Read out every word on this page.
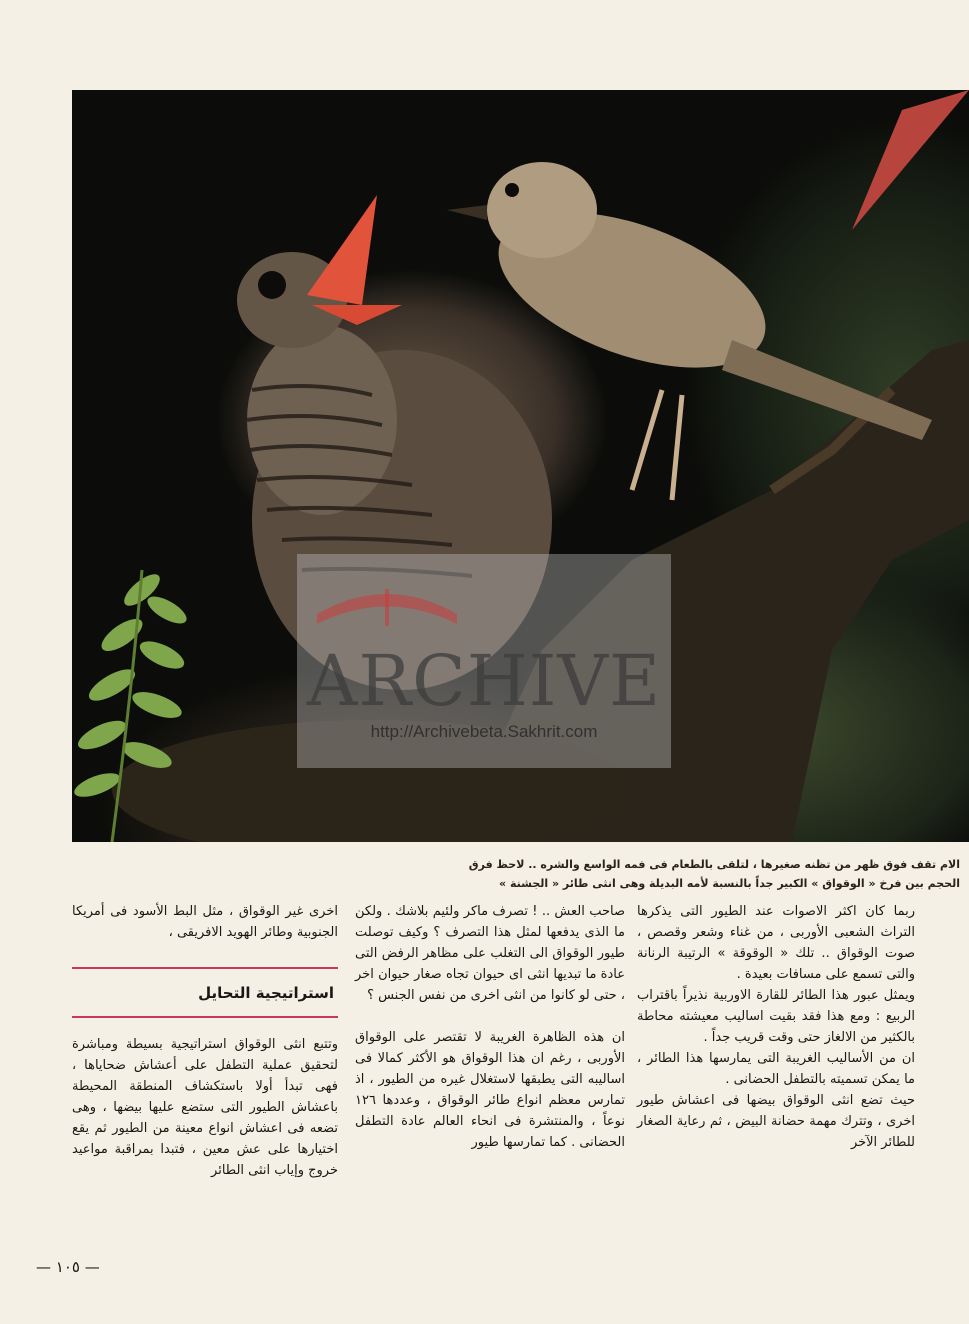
ARCHIVE
http://Archivebeta.Sakhrit.com
الام تقف فوق ظهر من تظنه صغيرها ، لتلقى بالطعام فى فمه الواسع والشره .. لاحظ فرق
الحجم بين فرخ « الوقواق » الكبير جداً بالنسبة لأمه البديلة وهى انثى طائر « الجشنة »

ربما كان اكثر الاصوات عند الطيور التى يذكرها التراث الشعبى الأوربى ، من غناء وشعر وقصص ، صوت الوقواق .. تلك « الوقوقة » الرتيبة الرنانة والتى تسمع على مسافات بعيدة .

ويمثل عبور هذا الطائر للقارة الاوربية نذيراً باقتراب الربيع : ومع هذا فقد بقيت اساليب معيشته محاطة بالكثير من الالغاز حتى وقت قريب جداً .

ان من الأساليب الغريبة التى يمارسها هذا الطائر ، ما يمكن تسميته بالتطفل الحضانى .

حيث تضع انثى الوقواق بيضها فى اعشاش طيور اخرى ، وتترك مهمة حضانة البيض ، ثم رعاية الصغار للطائر الآخر

صاحب العش .. ! تصرف ماكر ولئيم بلاشك . ولكن ما الذى يدفعها لمثل هذا التصرف ؟ وكيف توصلت طيور الوقواق الى التغلب على مظاهر الرفض التى عادة ما تبديها انثى اى حيوان تجاه صغار حيوان اخر ، حتى لو كانوا من انثى اخرى من نفس الجنس ؟

ان هذه الظاهرة الغريبة لا تقتصر على الوقواق الأوربى ، رغم ان هذا الوقواق هو الأكثر كمالا فى اساليبه التى يطبقها لاستغلال غيره من الطيور ، اذ تمارس معظم انواع طائر الوقواق ، وعددها ١٢٦ نوعاً ، والمنتشرة فى انحاء العالم عادة التطفل الحضانى . كما تمارسها طيور

اخرى غير الوقواق ، مثل البط الأسود فى أمريكا الجنوبية وطائر الهويد الافريقى ،

استراتيجية التحايل

وتتبع انثى الوقواق استراتيجية بسيطة ومباشرة لتحقيق عملية التطفل على أعشاش ضحاياها ، فهى تبدأ أولا باستكشاف المنطقة المحيطة باعشاش الطيور التى ستضع عليها بيضها ، وهى تضعه فى اعشاش انواع معينة من الطيور ثم يقع اختيارها على عش معين ، فتبدا بمراقبة مواعيد خروج وإياب انثى الطائر

— ١٠٥ —
